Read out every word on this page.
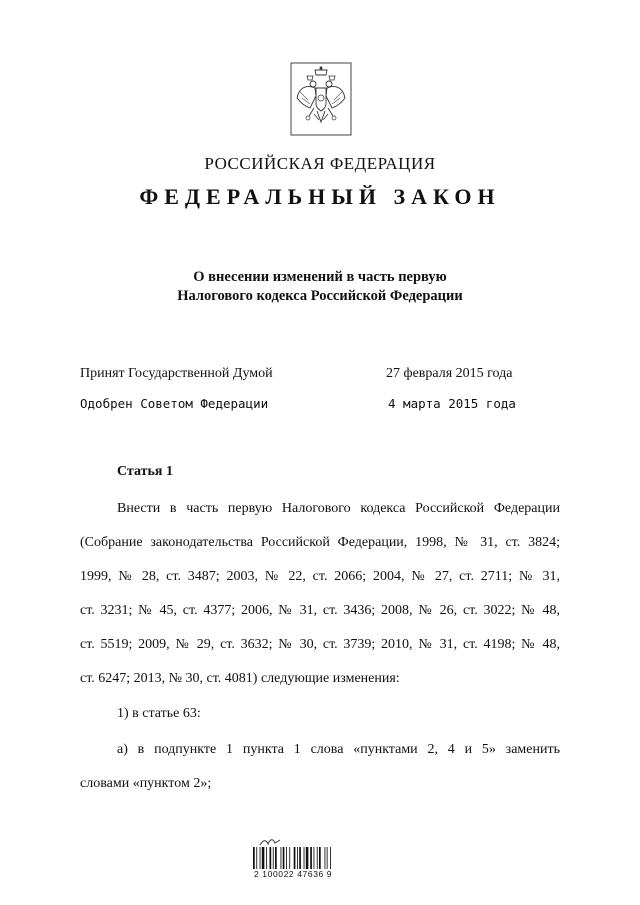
РОССИЙСКАЯ ФЕДЕРАЦИЯ
ФЕДЕРАЛЬНЫЙ ЗАКОН
О внесении изменений в часть первую
Налогового кодекса Российской Федерации
Принят Государственной Думой	27 февраля 2015 года
Одобрен Советом Федерации	4 марта 2015 года
Статья 1
Внести в часть первую Налогового кодекса Российской Федерации
(Собрание законодательства Российской Федерации, 1998, № 31, ст. 3824;
1999, № 28, ст. 3487; 2003, № 22, ст. 2066; 2004, № 27, ст. 2711; № 31,
ст. 3231; № 45, ст. 4377; 2006, № 31, ст. 3436; 2008, № 26, ст. 3022; № 48,
ст. 5519; 2009, № 29, ст. 3632; № 30, ст. 3739; 2010, № 31, ст. 4198; № 48,
ст. 6247; 2013, № 30, ст. 4081) следующие изменения:
1) в статье 63:
а) в подпункте 1 пункта 1 слова «пунктами 2, 4 и 5» заменить
словами «пунктом 2»;
2 100022 47636 9
